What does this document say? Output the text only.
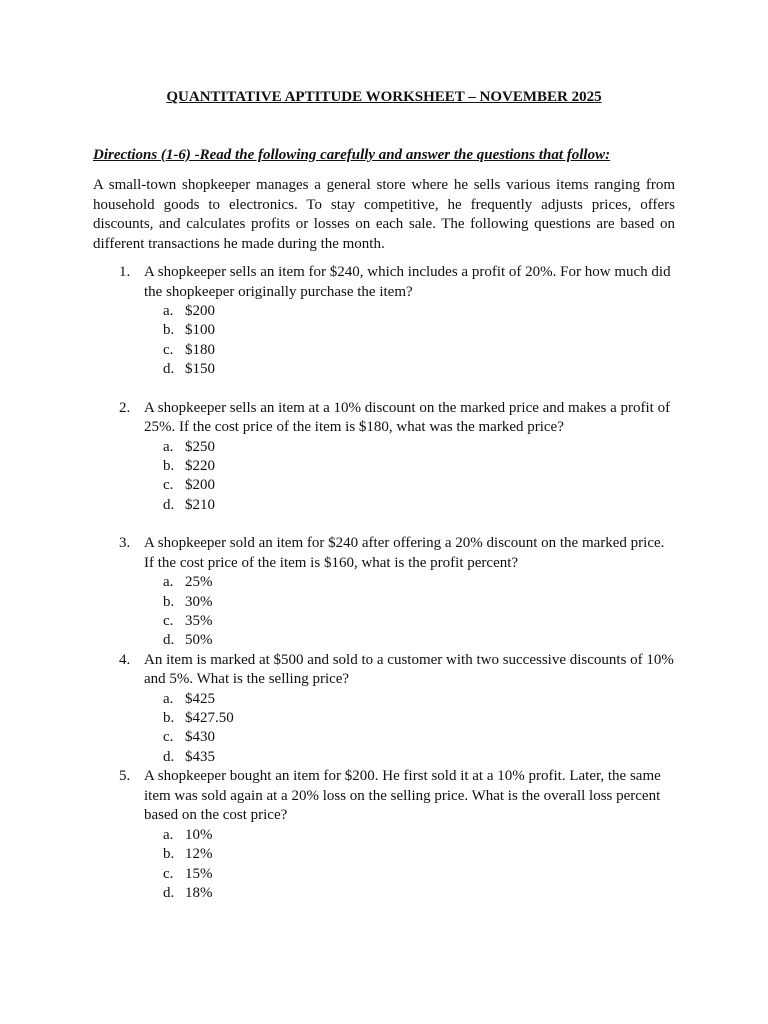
QUANTITATIVE APTITUDE WORKSHEET – NOVEMBER 2025
Directions (1-6) -Read the following carefully and answer the questions that follow:
A small-town shopkeeper manages a general store where he sells various items ranging from household goods to electronics. To stay competitive, he frequently adjusts prices, offers discounts, and calculates profits or losses on each sale. The following questions are based on different transactions he made during the month.
1. A shopkeeper sells an item for $240, which includes a profit of 20%. For how much did the shopkeeper originally purchase the item?
a. $200
b. $100
c. $180
d. $150
2. A shopkeeper sells an item at a 10% discount on the marked price and makes a profit of 25%. If the cost price of the item is $180, what was the marked price?
a. $250
b. $220
c. $200
d. $210
3. A shopkeeper sold an item for $240 after offering a 20% discount on the marked price. If the cost price of the item is $160, what is the profit percent?
a. 25%
b. 30%
c. 35%
d. 50%
4. An item is marked at $500 and sold to a customer with two successive discounts of 10% and 5%. What is the selling price?
a. $425
b. $427.50
c. $430
d. $435
5. A shopkeeper bought an item for $200. He first sold it at a 10% profit. Later, the same item was sold again at a 20% loss on the selling price. What is the overall loss percent based on the cost price?
a. 10%
b. 12%
c. 15%
d. 18%
